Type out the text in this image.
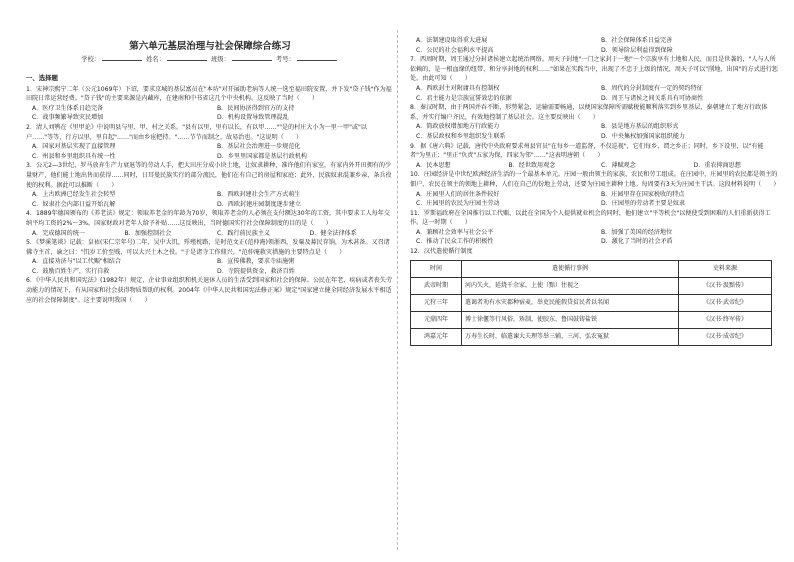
第六单元基层治理与社会保障综合练习
学校：	姓名：	班级：	考号：
一、选择题
1．宋神宗熙宁二年（公元1069年）下诏，要求京城的基层富员在"本坊"对开展助老病等人统一选至福田院安置，并下发"贷子钱"作为福田院日常运营经费。"贷子钱"的主要来源是内藏库，在建南和中书省这几个中央机构。这反映了当时（　　）
A．医疗卫生体系日趋完备	B．民间协济得到官方的支持
C．战事频繁导致灾民增加	D．机构设置导致管理混乱
2．清人刘鹗在《里甲论》中说明县与里、甲、村之关系。"县有以里，里有以长，有以甲……""是的村庄大小为一里一甲"或"以户……"等等，行方以里，里自起"……"而由乡宦把持。"……节节而制之，故易治也。"这说明（　　）
A．国家对基层实现了直接管理	B．基层社会治理进一步规范化
C．州县和乡里组织具有统一性	D．乡里里国家都是基层行政机构
3．公元2—3世纪，罗马放弃生产力衰退等的劳动人手，把大田庄分成小块土地，让奴隶耕种，准许他们有家室，有家内外开田拥有的少量财产，他们能土地出售而获得……同时，日耳曼民族实行的部分流民，他们在有自己的房屋和家庭；此外，民族奴隶混兼乡亲，条兵役使的权利。据此可以推断（　　）
A．上古欧洲已经发生社会转型	B．西欧封建社会生产方式萌生
C．奴隶社会内部日益开始瓦解	D．西欧封建庄园制度逐步建立
4．1889年德国颁布的《养老法》规定：领取养老金的年龄为70岁，领取养老金的人必须在支付额达30年的工资，其中要求工人每年交纳平均工资的2%～3%。国家财政对老年人给予补贴……这反映出，当时德国实行社会保障制度的目的是（　　）
A．完成德国的统一	B．加强控制社会	C．践行前民族主义	D．健全法律体系
5．《梦溪笔谈》记载：皇祐(宋仁宗年号)二年，吴中大饥，殍殣枕路，是时范文正(范仲淹)领浙西，发粟及募民存饷，为术甚备。又召诸佛寺主首，谕之曰："饥岁工价至贱，可以大兴土木之役。"于是诸寺工作鼎兴。"范仲淹救灾措施的主要特点是（　　）
A．直接劝济与"以工代赈"相结合	B．宣传佛教，要求寺庙施粥
C．鼓励百姓生产，实行自救	D．寺院提供资金，救济百姓
6．《中华人民共和国宪法》(1982年）规定，企业事业组织和机关退休人员的生活受到国家和社会的保障。公民在年老、疾病或者丧失劳动能力的情况下，有从国家和社会获得物质帮助的权利。2004年《中华人民共和国宪法修正案》规定"国家建立健全同经济发展水平相适应的社会保障制度"。这主要说明我国（　　）
A．法制建设取得重大进展	B．社会保障体系日益完善
C．公民的社会福利水平提高	D．领导阶层利益得到保障
7．西周时期，周王通过分封诸侯建立起统治网络。周天子封地"一门之家封于一地"一个宗族享有土地和人民，而且是世袭的，"人与人所依赖的，是一根血缘的纽带，和分享封地的权利……"如果在实践当中，出现了不忠于上级的情况，周天子可以"削地，出国"的方式进行惩处。由此可知（　　）
A．西欧封主对附庸具有控制权	B．周代的分封制度有一定的契约特征
C．君主能力是宗族宣誓效忠的依据	D．周王与诸侯之间关系具有可协商性
8．秦汉时期，由于两国并吞不断，形势紧急，运输需要畅通，以便国家保障所需赋税能顺利落实到乡里基层，秦朝建立了地方行政体系，并实行编户齐民，有效地控制了基层社会。这主要反映出（　　）
A．简政放权增加地方行政能力	B．县是地方基层的组织形式
C．基层政权和乡里组织发生联系	D．中央集权加强国家组织能力
9．据《唐六典》记载，唐代中央政府要求州县官员"在每乡一道监督，不仅巡视"，它们每乡，谓之乡正；同时，乡下设里，以"有能者"为里正；"里正"负责"五家为保，四家为邻"……"这表明唐朝（　　）
A．民本思想	B．经世致用观念	C．薄赋观念	D．重农抑商思想
10．庄园经济是中世纪欧洲经济生活的一个最基本单元。庄园一般由领主的家族、农民和劳工组成。在庄园中，庄园里的农民都是领主的佃户，农民在领主的领地上耕种，人们在自己的份地上劳动，还要为庄园主耕种土地。每周要有3天为庄园主干活。这段材料说明（　　）
A．庄园里人们的居住条件较好	B．庄园里存在国家税收的特点
C．庄园里的农民为庄园主劳动	D．庄园里的劳动者主要是奴隶
11．罗斯福政府在全国推行以工代赈，以此在全国为个人提供就业机会的同时，他们建立"平等机会"以便使受到困难的人们重新获得工作。这一时期（　　）
A．兼顾社会效率与社会公平	B．加强了美国的经济地位
C．推动了民众工作的积极性	D．激化了当时的社会矛盾
12．汉代遣使循行制度
时间	遣使循行事例	史料来源
武帝时期	河内失火，延烧千余家，上使（黯）往视之	《汉书·汲黯传》
元狩三年	遣谒者劝有水灾郡种宿麦，举吏民能假贷贫民者以名闻	《汉书·武帝纪》
元鼎四年	博士徐偃等行风俗，矫制，使胶东、鲁国鼓铸盐铁	《汉书·终军传》
鸿嘉元年	万寿生长时，临遣谏大夫理等举三辅、三河、弘农冤狱	《汉书·成帝纪》
